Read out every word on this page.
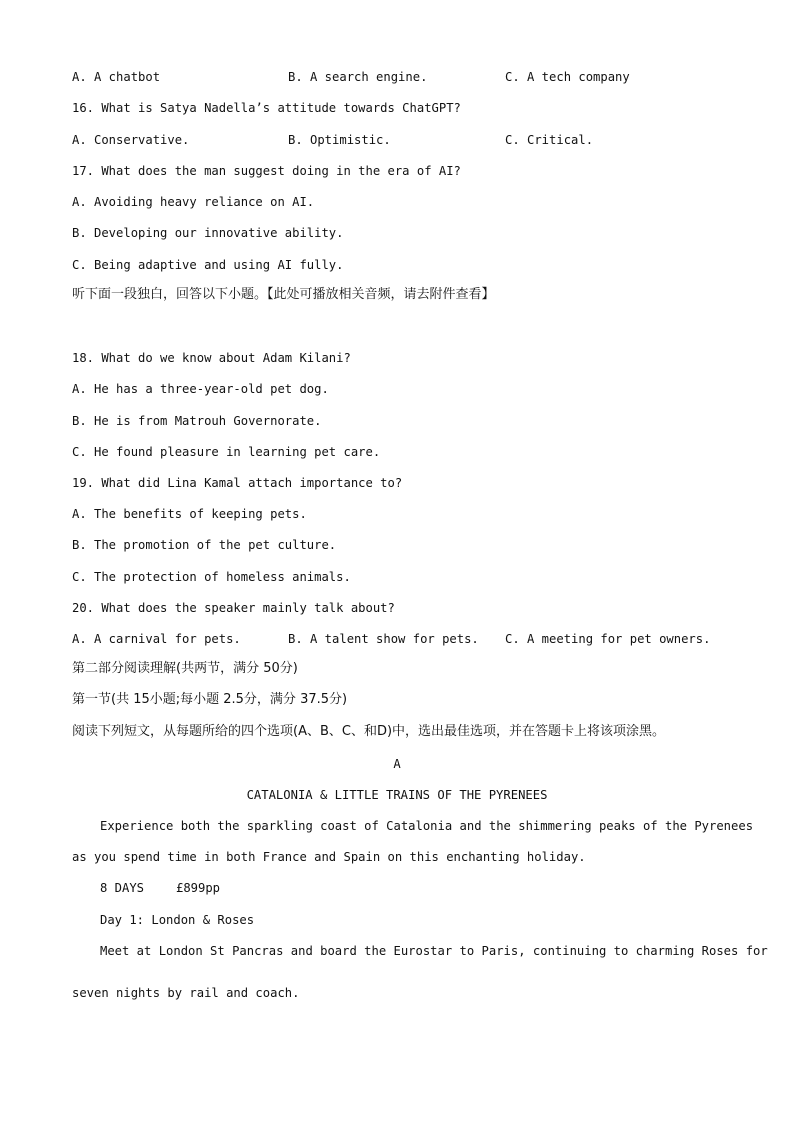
A. A chatbot	B. A search engine.	C. A tech company
16. What is Satya Nadella’s attitude towards ChatGPT?
A. Conservative.	B. Optimistic.	C. Critical.
17. What does the man suggest doing in the era of AI?
A. Avoiding heavy reliance on AI.
B. Developing our innovative ability.
C. Being adaptive and using AI fully.
听下面一段独白，回答以下小题。【此处可播放相关音频，请去附件查看】
18. What do we know about Adam Kilani?
A. He has a three-year-old pet dog.
B. He is from Matrouh Governorate.
C. He found pleasure in learning pet care.
19. What did Lina Kamal attach importance to?
A. The benefits of keeping pets.
B. The promotion of the pet culture.
C. The protection of homeless animals.
20. What does the speaker mainly talk about?
A. A carnival for pets.	B. A talent show for pets. C. A meeting for pet owners.
第二部分阅读理解(共两节，满分 50分)
第一节(共 15小题;每小题 2.5分，满分 37.5分)
阅读下列短文，从每题所给的四个选项(A、B、C、和D)中，选出最佳选项，并在答题卡上将该项涂黑。
A
CATALONIA & LITTLE TRAINS OF THE PYRENEES
Experience both the sparkling coast of Catalonia and the shimmering peaks of the Pyrenees
as you spend time in both France and Spain on this enchanting holiday.
8 DAYS	£899pp
Day 1: London & Roses
Meet at London St Pancras and board the Eurostar to Paris, continuing to charming Roses for
seven nights by rail and coach.
